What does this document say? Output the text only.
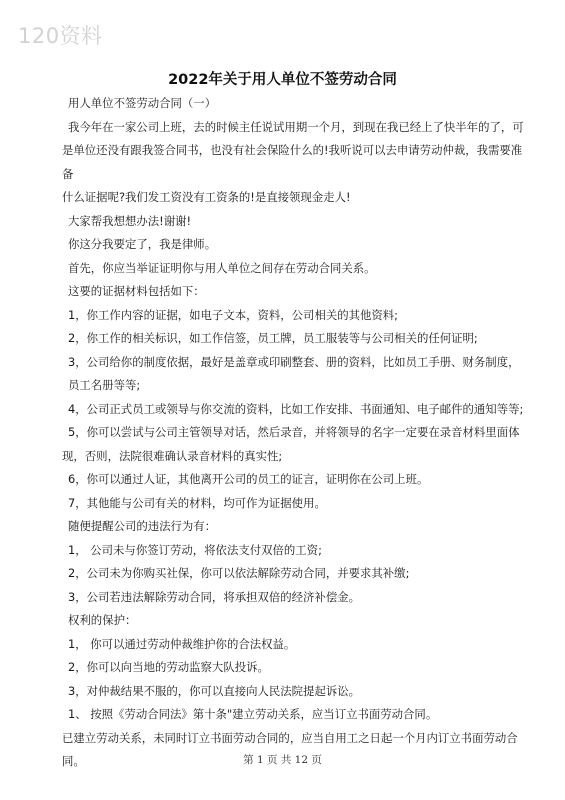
120资料
2022年关于用人单位不签劳动合同

用人单位不签劳动合同（一）

我今年在一家公司上班，去的时候主任说试用期一个月，到现在我已经上了快半年的了，可

是单位还没有跟我签合同书，也没有社会保险什么的!我听说可以去申请劳动仲裁，我需要准备

什么证据呢?我们发工资没有工资条的!是直接领现金走人!

大家帮我想想办法!谢谢!

你这分我要定了，我是律师。

首先，你应当举证证明你与用人单位之间存在劳动合同关系。

这要的证据材料包括如下：

1，你工作内容的证据，如电子文本，资料，公司相关的其他资料;

2，你工作的相关标识，如工作信签，员工牌，员工服装等与公司相关的任何证明;

3，公司给你的制度依据，最好是盖章或印刷整套、册的资料，比如员工手册、财务制度，

员工名册等等;

4，公司正式员工或领导与你交流的资料，比如工作安排、书面通知、电子邮件的通知等等;

5，你可以尝试与公司主管领导对话，然后录音，并将领导的名字一定要在录音材料里面体

现，否则，法院很难确认录音材料的真实性;

6，你可以通过人证，其他离开公司的员工的证言，证明你在公司上班。

7，其他能与公司有关的材料，均可作为证据使用。

随便提醒公司的违法行为有：

1， 公司未与你签订劳动，将依法支付双倍的工资;

2，公司未为你购买社保，你可以依法解除劳动合同，并要求其补缴;

3，公司若违法解除劳动合同，将承担双倍的经济补偿金。

权利的保护：

1， 你可以通过劳动仲裁维护你的合法权益。

2，你可以向当地的劳动监察大队投诉。

3，对仲裁结果不服的，你可以直接向人民法院提起诉讼。

1、 按照《劳动合同法》第十条"建立劳动关系，应当订立书面劳动合同。

已建立劳动关系，未同时订立书面劳动合同的，应当自用工之日起一个月内订立书面劳动合

同。	第 1 页 共 12 页
